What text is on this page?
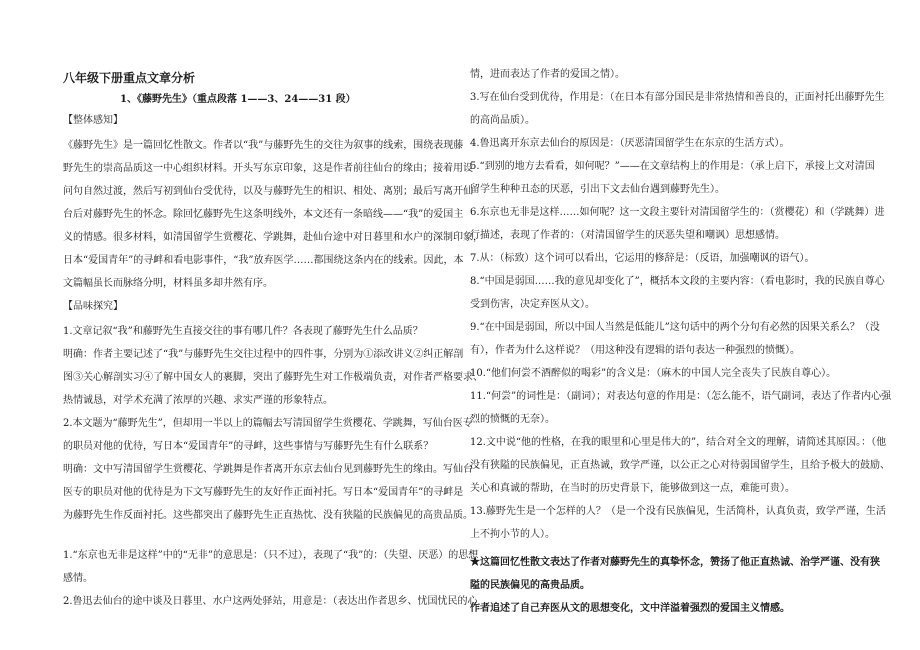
八年级下册重点文章分析
1、《藤野先生》（重点段落 1——3、24——31 段）
【整体感知】
《藤野先生》是一篇回忆性散文。作者以“我”与藤野先生的交往为叙事的线索，围绕表现藤
野先生的崇高品质这一中心组织材料。开头写东京印象，这是作者前往仙台的缘由；接着用设
问句自然过渡，然后写初到仙台受优待，以及与藤野先生的相识、相处、离别；最后写离开仙
台后对藤野先生的怀念。除回忆藤野先生这条明线外，本文还有一条暗线——“我”的爱国主
义的情感。很多材料，如清国留学生赏樱花、学跳舞，赴仙台途中对日暮里和水户的深制印象，
日本“爱国青年”的寻衅和看电影事件，“我”放弃医学……都围绕这条内在的线索。因此，本
文篇幅虽长而脉络分明，材料虽多却井然有序。
【品味探究】
1.文章记叙“我”和藤野先生直接交往的事有哪几件？各表现了藤野先生什么品质？
明确：作者主要记述了“我”与藤野先生交往过程中的四件事，分别为①添改讲义②纠正解剖
图③关心解剖实习④了解中国女人的裹脚，突出了藤野先生对工作极端负责，对作者严格要求、
热情诚恳，对学术充满了浓厚的兴趣、求实严谨的形象特点。
2.本文题为“藤野先生”，但却用一半以上的篇幅去写清国留学生赏樱花、学跳舞，写仙台医专
的职员对他的优待，写日本“爱国青年”的寻衅，这些事情与写藤野先生有什么联系？
明确：文中写清国留学生赏樱花、学跳舞是作者离开东京去仙台见到藤野先生的缘由。写仙台
医专的职员对他的优待是为下文写藤野先生的友好作正面衬托。写日本“爱国青年”的寻衅是
为藤野先生作反面衬托。这些都突出了藤野先生正直热忱、没有狭隘的民族偏见的高贵品质。
1.“东京也无非是这样”中的“无非”的意思是：（只不过），表现了“我”的：（失望、厌恶）的思想
感情。
2.鲁迅去仙台的途中谈及日暮里、水户这两处驿站，用意是：（表达出作者思乡、忧国忧民的心
情，进而表达了作者的爱国之情）。
3.写在仙台受到优待，作用是：（在日本有部分国民是非常热情和善良的，正面衬托出藤野先生
的高尚品质）。
4.鲁迅离开东京去仙台的原因是：（厌恶清国留学生在东京的生活方式）。
5.“到别的地方去看看，如何呢？”——在文章结构上的作用是：（承上启下，承接上文对清国
留学生种种丑态的厌恶，引出下文去仙台遇到藤野先生）。
6.东京也无非是这样……如何呢？这一文段主要针对清国留学生的：（赏樱花）和（学跳舞）进
行描述，表现了作者的：（对清国留学生的厌恶失望和嘲讽）思想感情。
7.从：（标致）这个词可以看出，它运用的修辞是：（反语，加强嘲讽的语气）。
8.“中国是弱国……我的意见却变化了”，概括本文段的主要内容：（看电影时，我的民族自尊心
受到伤害，决定弃医从文）。
9.“在中国是弱国，所以中国人当然是低能儿”这句话中的两个分句有必然的因果关系么？（没
有），作者为什么这样说？（用这种没有逻辑的语句表达一种强烈的愤慨）。
10.“他们何尝不酒醉似的喝彩”的含义是：（麻木的中国人完全丧失了民族自尊心）。
11.“何尝”的词性是：（副词）；对表达句意的作用是：（怎么能不，语气副词，表达了作者内心强
烈的愤慨的无奈）。
12.文中说“他的性格，在我的眼里和心里是伟大的”，结合对全文的理解，请简述其原因。：（他
没有狭隘的民族偏见，正直热诚，致学严谨，以公正之心对待弱国留学生，且给予极大的鼓励、
关心和真诚的帮助，在当时的历史背景下，能够做到这一点，难能可贵）。
13.藤野先生是一个怎样的人？（是一个没有民族偏见，生活简朴，认真负责，致学严谨，生活
上不拘小节的人）。
★这篇回忆性散文表达了作者对藤野先生的真挚怀念，赞扬了他正直热诚、治学严谨、没有狭
隘的民族偏见的高贵品质。
作者追述了自己弃医从文的思想变化，文中洋溢着强烈的爱国主义情感。
